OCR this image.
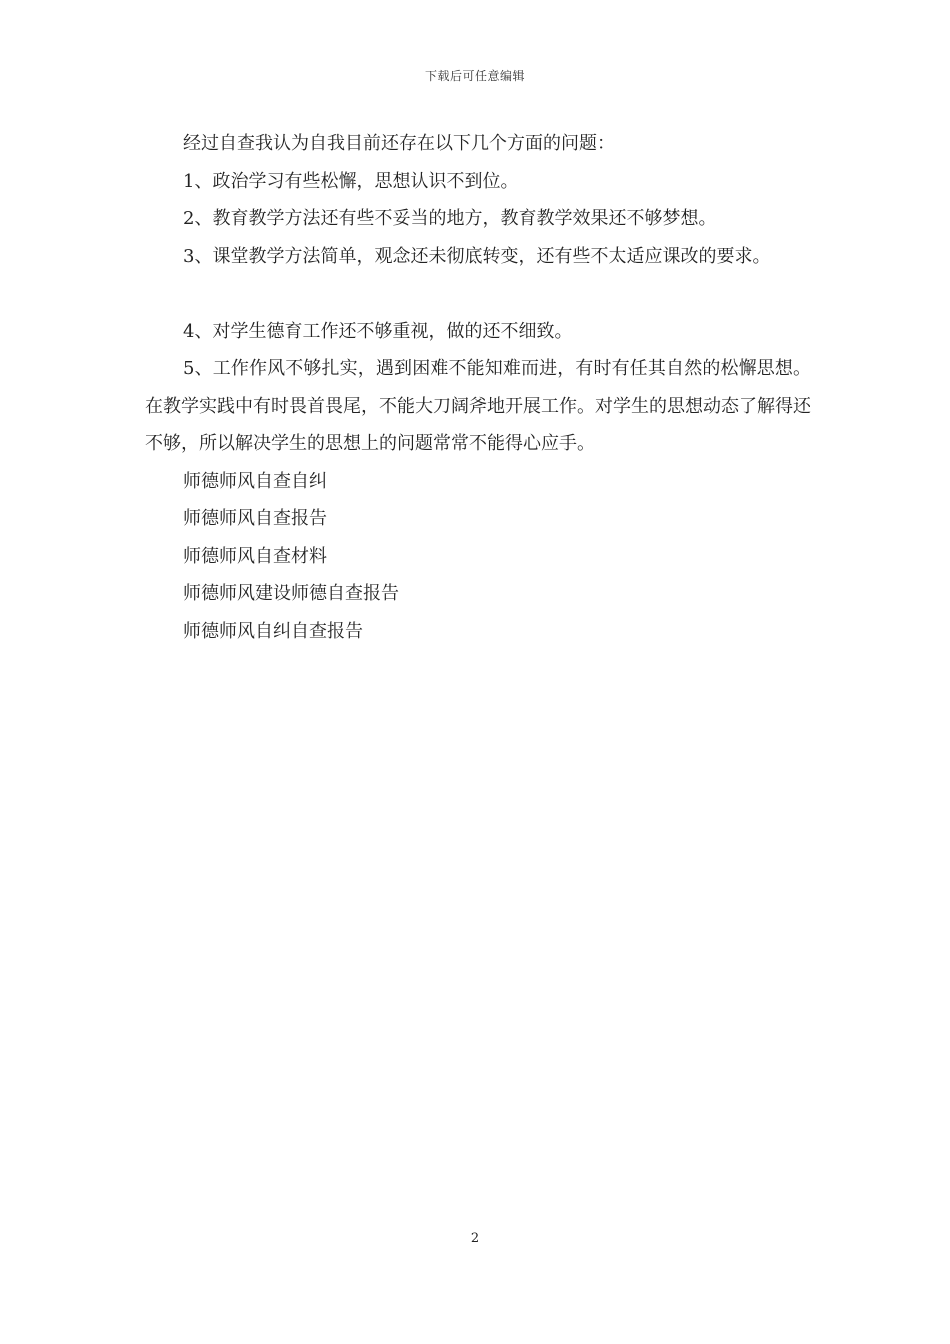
下载后可任意编辑

经过自查我认为自我目前还存在以下几个方面的问题：

1、政治学习有些松懈，思想认识不到位。

2、教育教学方法还有些不妥当的地方，教育教学效果还不够梦想。

3、课堂教学方法简单，观念还未彻底转变，还有些不太适应课改的要求。

4、对学生德育工作还不够重视，做的还不细致。

5、工作作风不够扎实，遇到困难不能知难而进，有时有任其自然的松懈思想。在教学实践中有时畏首畏尾，不能大刀阔斧地开展工作。对学生的思想动态了解得还不够，所以解决学生的思想上的问题常常不能得心应手。

师德师风自查自纠

师德师风自查报告

师德师风自查材料

师德师风建设师德自查报告

师德师风自纠自查报告

2
